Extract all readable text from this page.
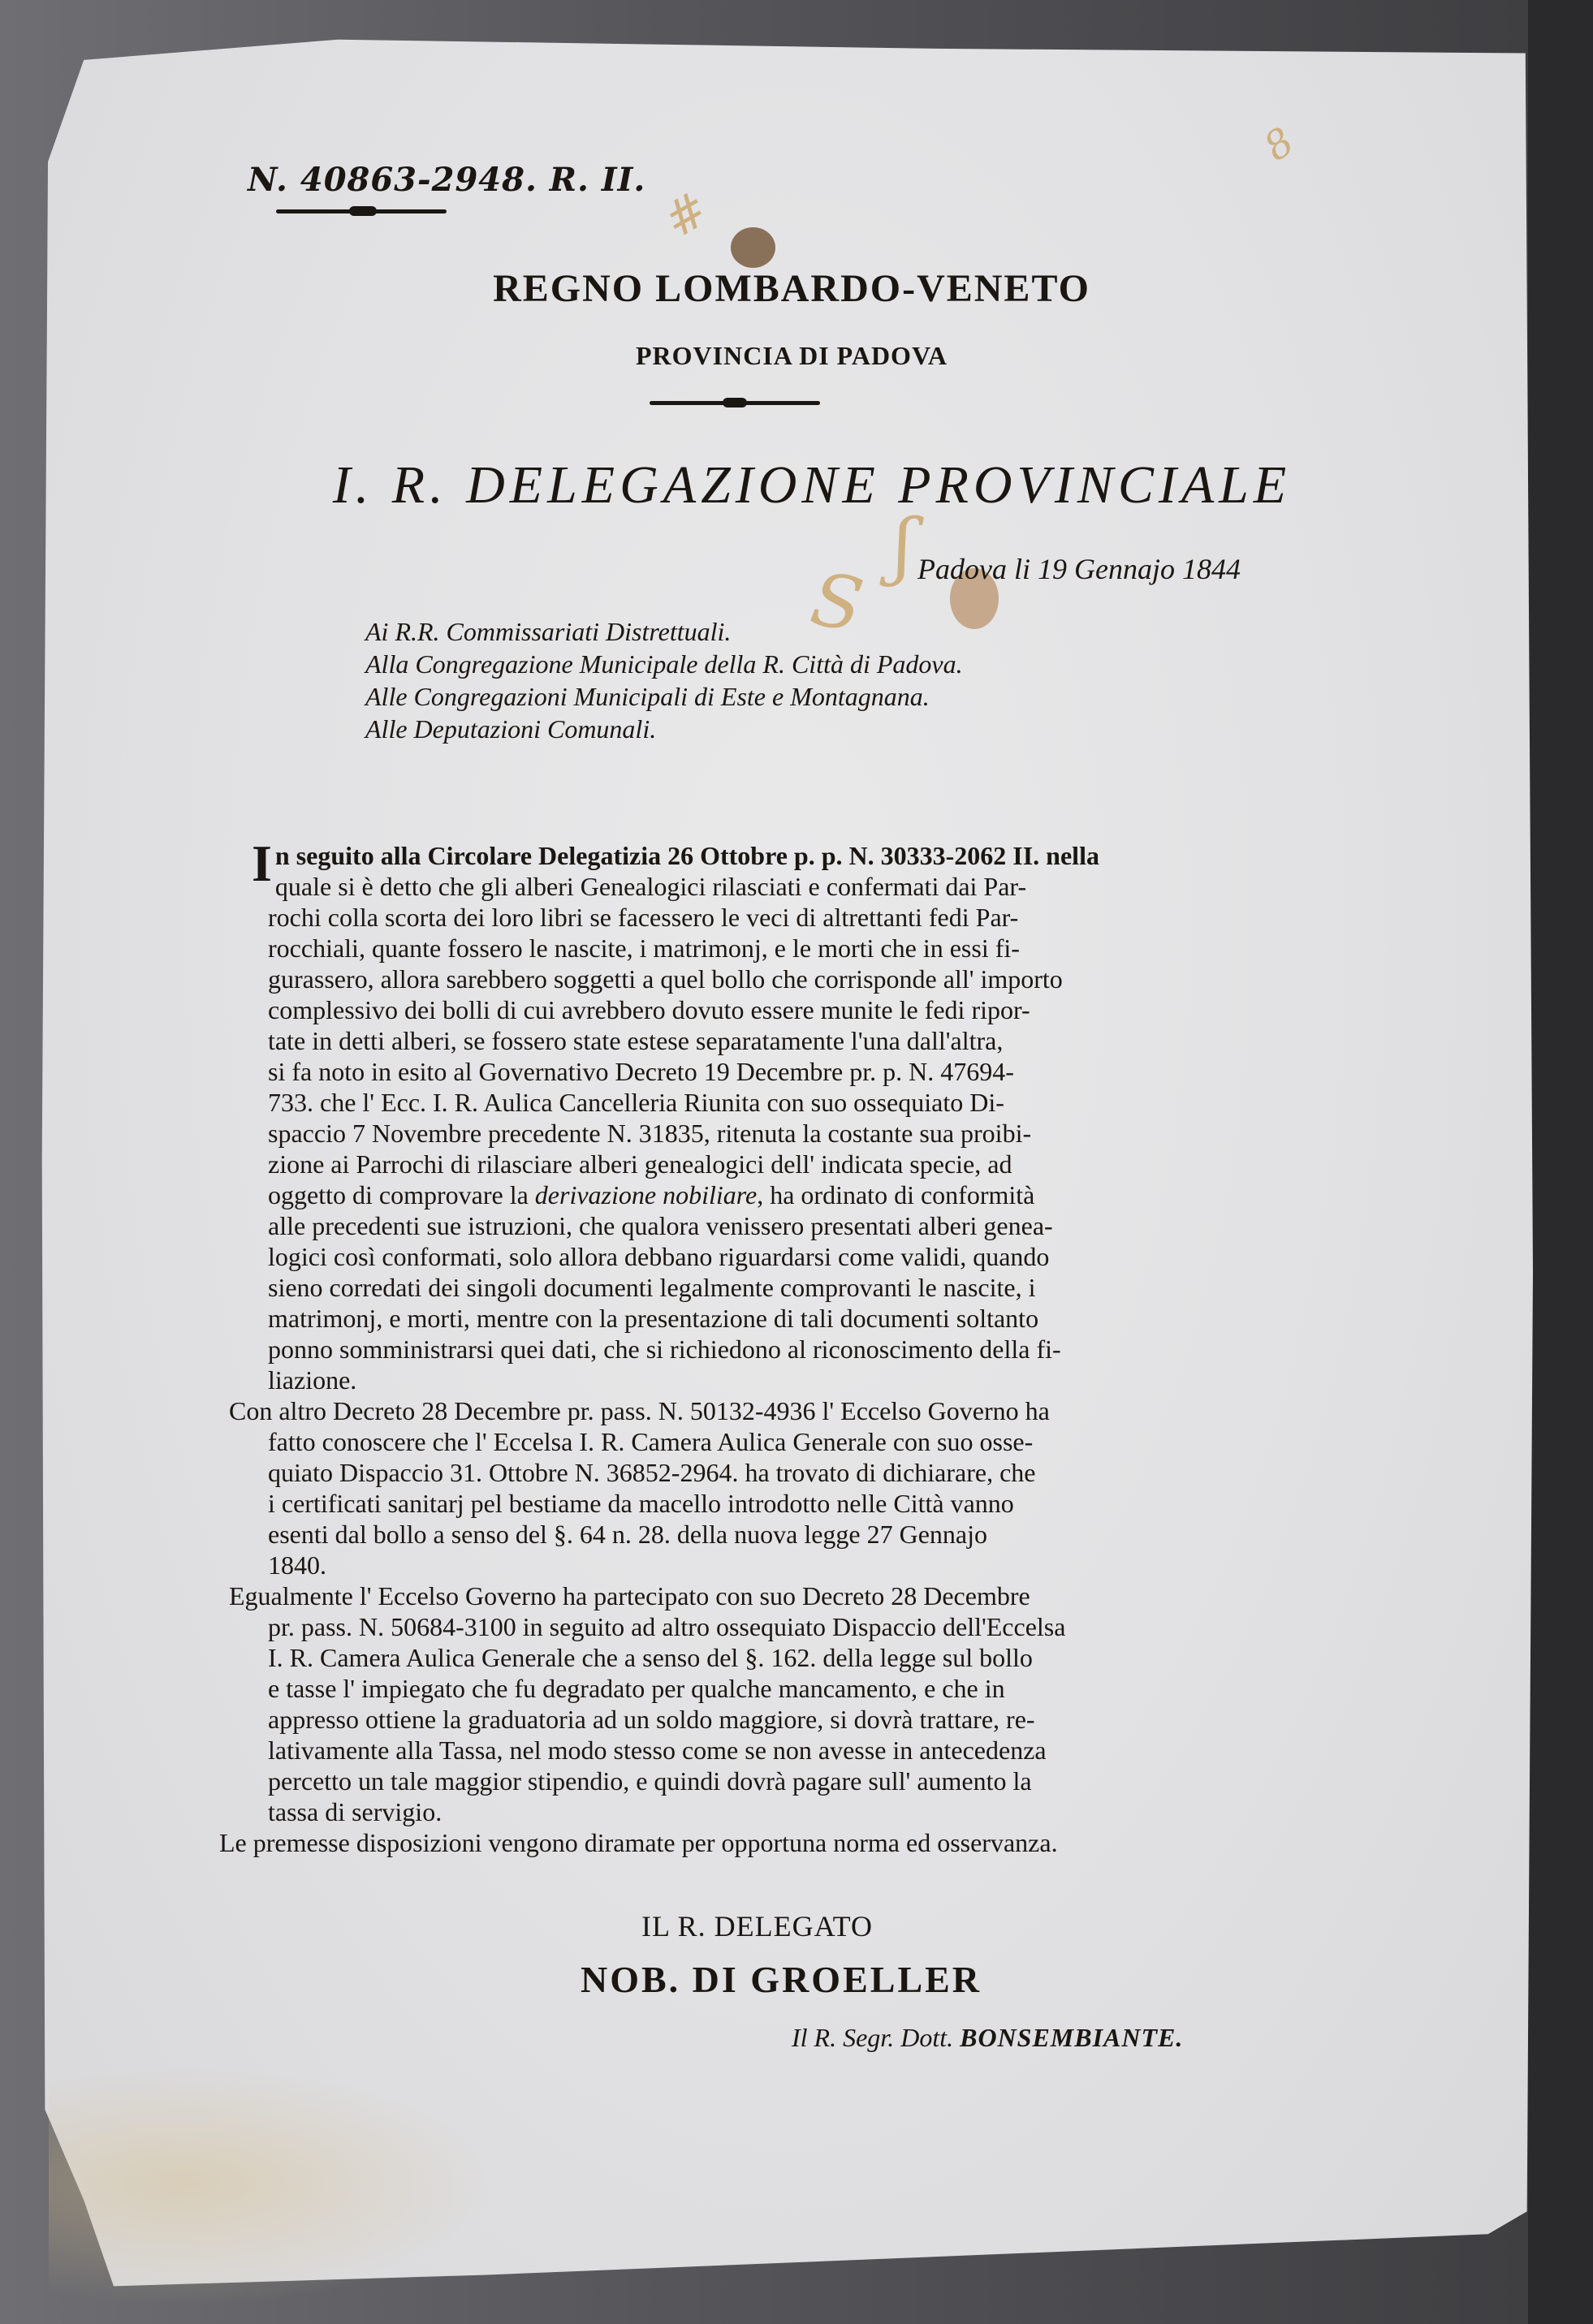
#
8
S
ʃ
N. 40863-2948. R. II.
REGNO LOMBARDO-VENETO
PROVINCIA DI PADOVA
I. R. DELEGAZIONE PROVINCIALE
Padova li 19 Gennajo 1844
Ai R.R. Commissariati Distrettuali.
Alla Congregazione Municipale della R. Città di Padova.
Alle Congregazioni Municipali di Este e Montagnana.
Alle Deputazioni Comunali.
I n seguito alla Circolare Delegatizia 26 Ottobre p. p. N. 30333-2062 II. nella
quale si è detto che gli alberi Genealogici rilasciati e confermati dai Par-
rochi colla scorta dei loro libri se facessero le veci di altrettanti fedi Par-
rocchiali, quante fossero le nascite, i matrimonj, e le morti che in essi fi-
gurassero, allora sarebbero soggetti a quel bollo che corrisponde all' importo
complessivo dei bolli di cui avrebbero dovuto essere munite le fedi ripor-
tate in detti alberi, se fossero state estese separatamente l'una dall'altra,
si fa noto in esito al Governativo Decreto 19 Decembre pr. p. N. 47694-
733. che l' Ecc. I. R. Aulica Cancelleria Riunita con suo ossequiato Di-
spaccio 7 Novembre precedente N. 31835, ritenuta la costante sua proibi-
zione ai Parrochi di rilasciare alberi genealogici dell' indicata specie, ad
oggetto di comprovare la derivazione nobiliare, ha ordinato di conformità
alle precedenti sue istruzioni, che qualora venissero presentati alberi genea-
logici così conformati, solo allora debbano riguardarsi come validi, quando
sieno corredati dei singoli documenti legalmente comprovanti le nascite, i
matrimonj, e morti, mentre con la presentazione di tali documenti soltanto
ponno somministrarsi quei dati, che si richiedono al riconoscimento della fi-
liazione.
Con altro Decreto 28 Decembre pr. pass. N. 50132-4936 l' Eccelso Governo ha
fatto conoscere che l' Eccelsa I. R. Camera Aulica Generale con suo osse-
quiato Dispaccio 31. Ottobre N. 36852-2964. ha trovato di dichiarare, che
i certificati sanitarj pel bestiame da macello introdotto nelle Città vanno
esenti dal bollo a senso del §. 64 n. 28. della nuova legge 27 Gennajo
1840.
Egualmente l' Eccelso Governo ha partecipato con suo Decreto 28 Decembre
pr. pass. N. 50684-3100 in seguito ad altro ossequiato Dispaccio dell'Eccelsa
I. R. Camera Aulica Generale che a senso del §. 162. della legge sul bollo
e tasse l' impiegato che fu degradato per qualche mancamento, e che in
appresso ottiene la graduatoria ad un soldo maggiore, si dovrà trattare, re-
lativamente alla Tassa, nel modo stesso come se non avesse in antecedenza
percetto un tale maggior stipendio, e quindi dovrà pagare sull' aumento la
tassa di servigio.
Le premesse disposizioni vengono diramate per opportuna norma ed osservanza.
IL R. DELEGATO
NOB. DI GROELLER
Il R. Segr. Dott. BONSEMBIANTE.
